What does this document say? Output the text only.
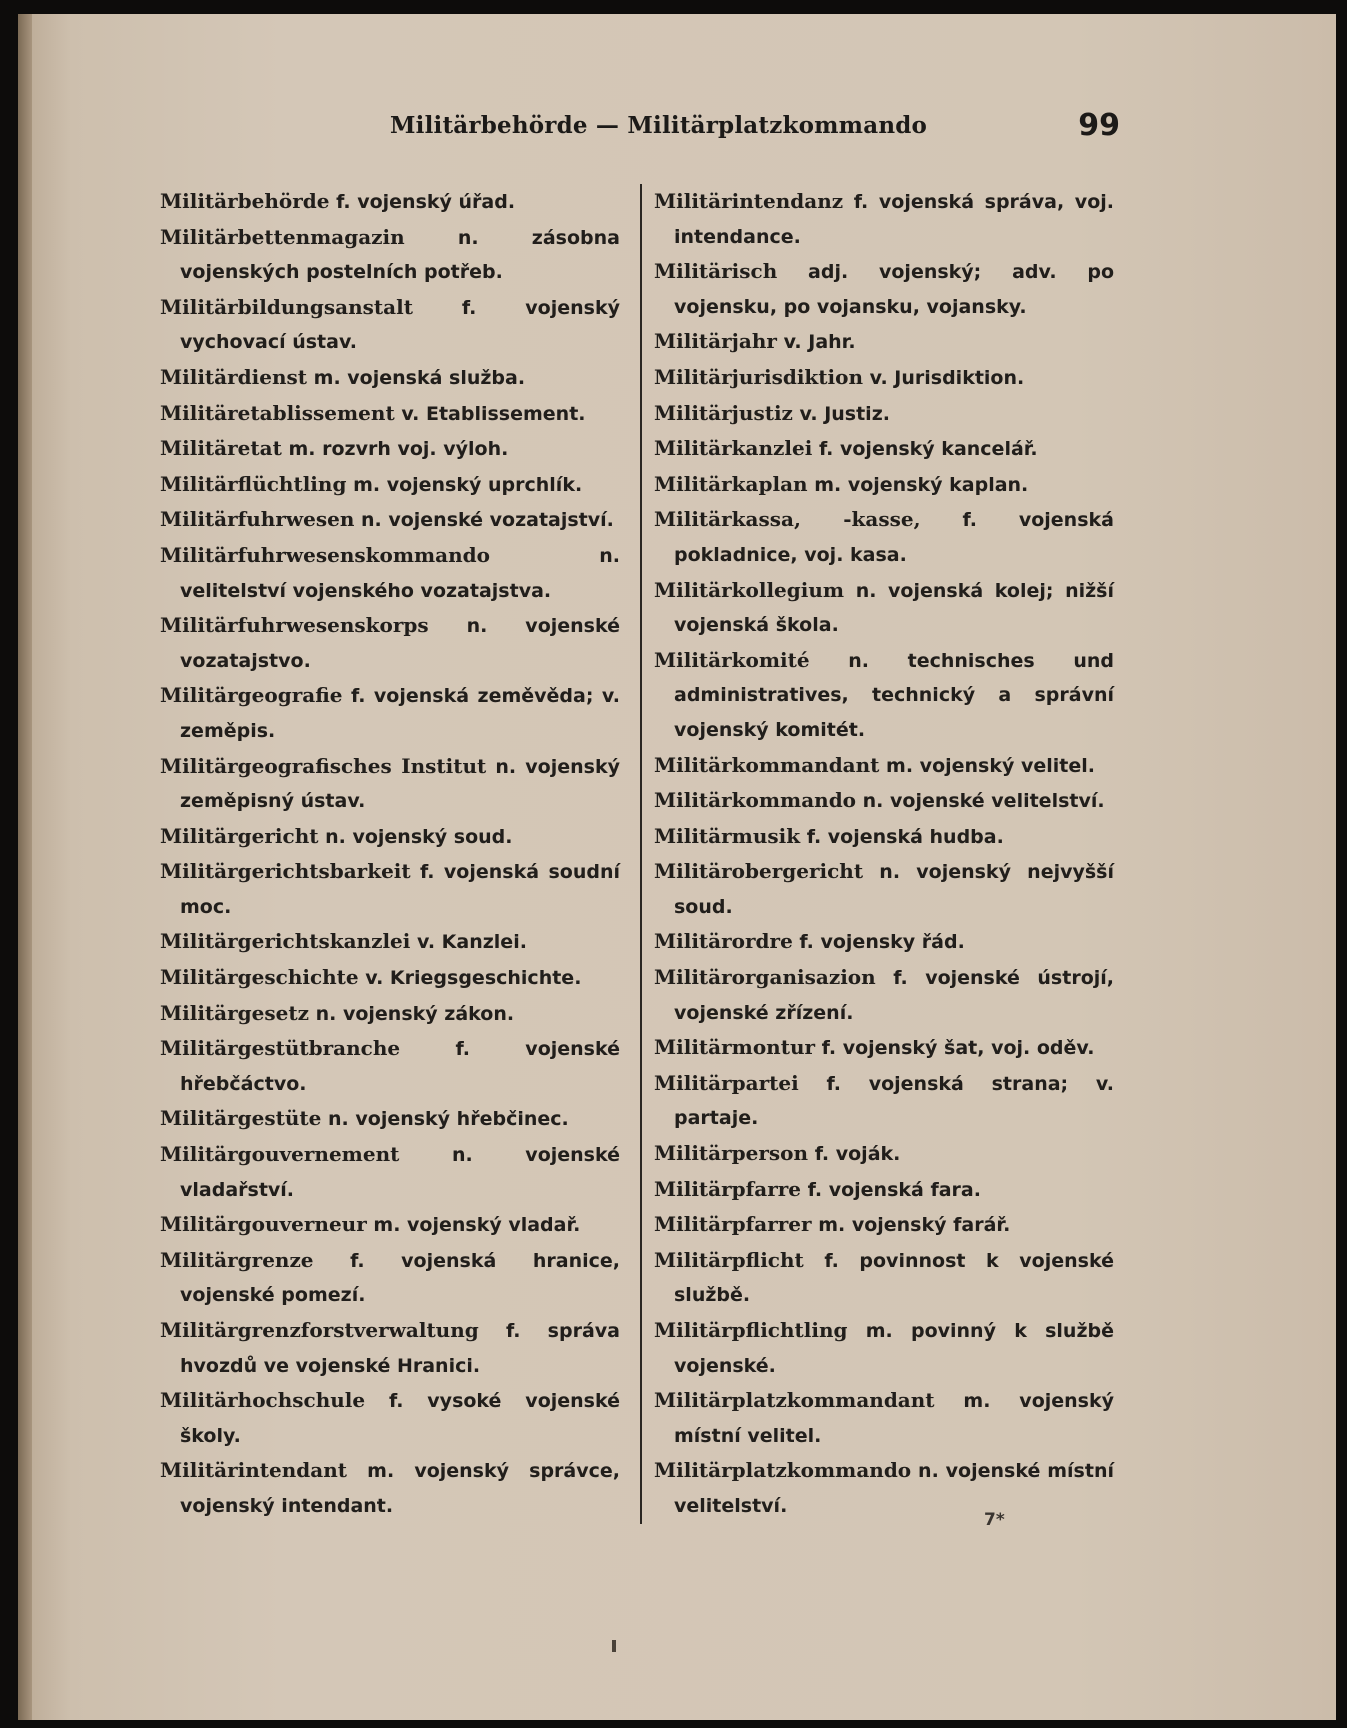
Militärbehörde — Militärplatzkommando	99

Militärbehörde f. vojenský úřad.

Militärbettenmagazin	n. zásobna vojenských postelních potřeb.

Militärbildungsanstalt	f. vojenský vychovací ústav.

Militärdienst m. vojenská služba.

Militäretablissement v. Etablissement.

Militäretat m. rozvrh voj. výloh.

Militärflüchtling m. vojenský uprchlík.

Militärfuhrwesen n. vojenské vozatajství.

Militärfuhrwesenskommando	n. velitelství vojenského vozatajstva.

Militärfuhrwesenskorps n. vojenské vozatajstvo.

Militärgeografie f. vojenská zeměvěda; v. zeměpis.

Militärgeografisches Institut n. vojenský zeměpisný ústav.

Militärgericht n. vojenský soud.

Militärgerichtsbarkeit f. vojenská soudní moc.

Militärgerichtskanzlei v. Kanzlei.

Militärgeschichte v. Kriegsgeschichte.

Militärgesetz n. vojenský zákon.

Militärgestütbranche	f. vojenské hřebčáctvo.

Militärgestüte n. vojenský hřebčinec.

Militärgouvernement	n. vojenské vladařství.

Militärgouverneur m. vojenský vladař.

Militärgrenze f. vojenská hranice, vojenské pomezí.

Militärgrenzforstverwaltung f. správa hvozdů ve vojenské Hranici.

Militärhochschule f. vysoké vojenské školy.

Militärintendant m. vojenský správce, vojenský intendant.

Militärintendanz f. vojenská správa, voj. intendance.

Militärisch adj. vojenský; adv. po vojensku, po vojansku, vojansky.

Militärjahr v. Jahr.

Militärjurisdiktion v. Jurisdiktion.

Militärjustiz v. Justiz.

Militärkanzlei f. vojenský kancelář.

Militärkaplan m. vojenský kaplan.

Militärkassa, -kasse, f. vojenská pokladnice, voj. kasa.

Militärkollegium n. vojenská kolej; nižší vojenská škola.

Militärkomité n. technisches und administratives, technický a správní vojenský komitét.

Militärkommandant m. vojenský velitel.

Militärkommando n. vojenské velitelství.

Militärmusik f. vojenská hudba.

Militärobergericht n. vojenský nejvyšší soud.

Militärordre f. vojensky řád.

Militärorganisazion f. vojenské ústrojí, vojenské zřízení.

Militärmontur f. vojenský šat, voj. oděv.

Militärpartei f. vojenská strana; v. partaje.

Militärperson f. voják.

Militärpfarre f. vojenská fara.

Militärpfarrer m. vojenský farář.

Militärpflicht f. povinnost k vojenské službě.

Militärpflichtling m. povinný k službě vojenské.

Militärplatzkommandant m. vojenský místní velitel.

Militärplatzkommando n. vojenské místní velitelství.

7*
